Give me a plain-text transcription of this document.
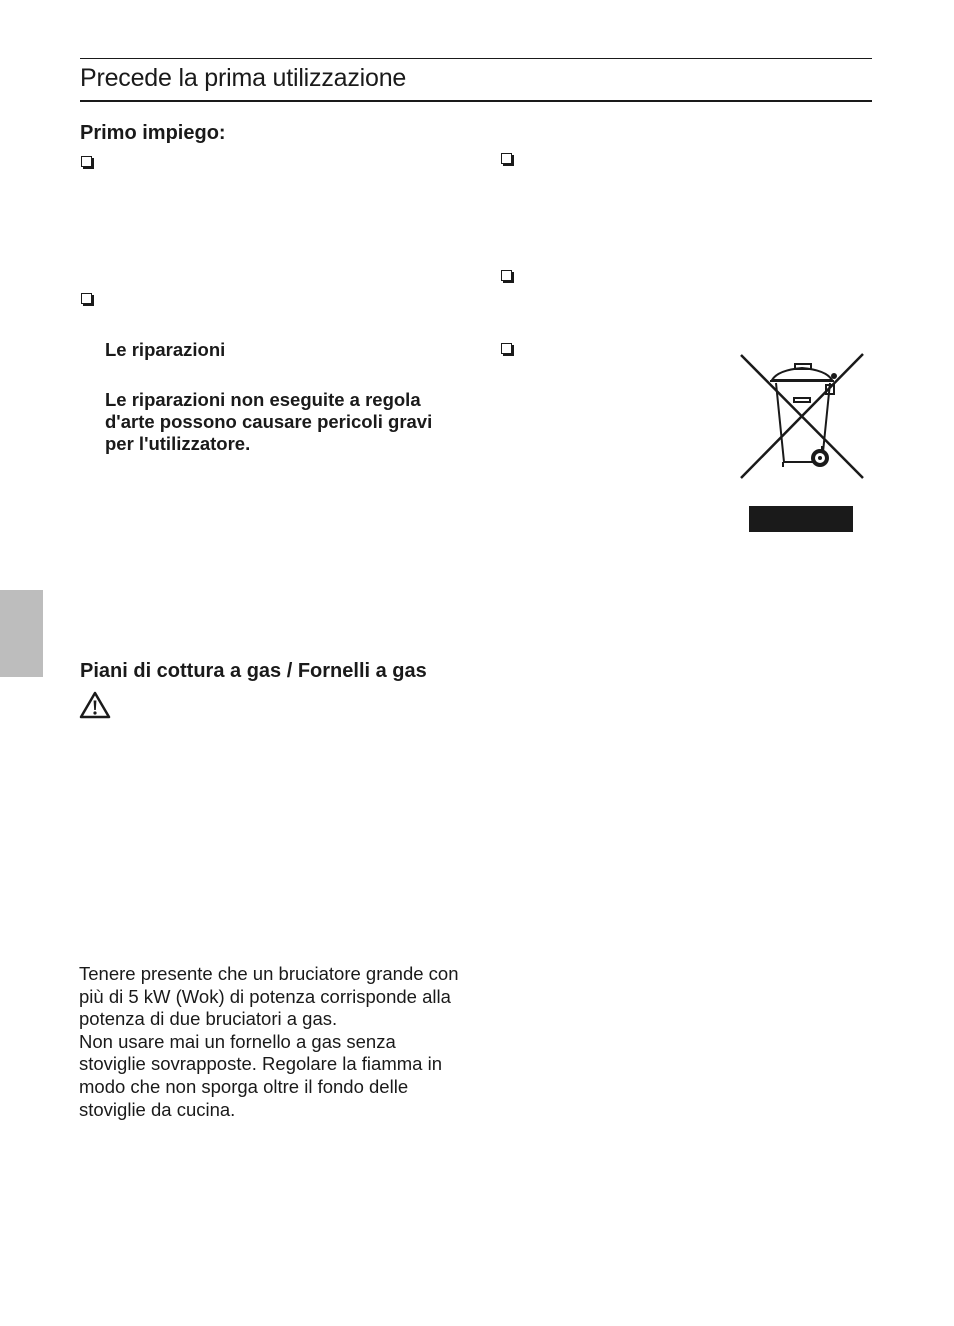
Precede la prima utilizzazione
Primo impiego:

Le riparazioni

Le riparazioni non eseguite a regola d'arte possono causare pericoli gravi per l'utilizzatore.

Piani di cottura a gas / Fornelli a gas

Tenere presente che un bruciatore grande con più di 5 kW (Wok) di potenza corrisponde alla potenza di due bruciatori a gas.

Non usare mai un fornello a gas senza stoviglie sovrapposte. Regolare la fiamma in modo che non sporga oltre il fondo delle stoviglie da cucina.
